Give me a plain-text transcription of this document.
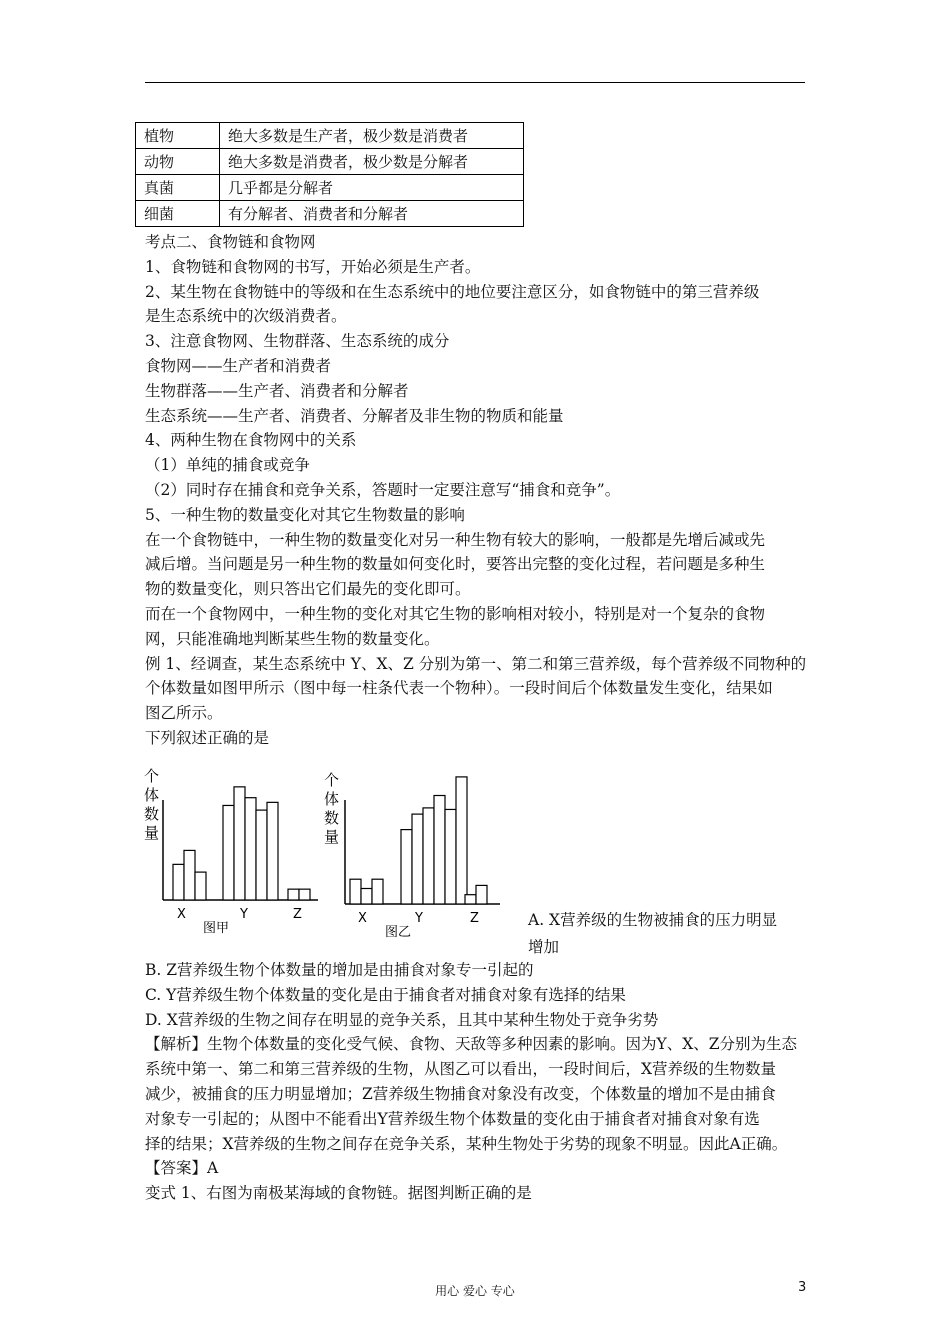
植物	绝大多数是生产者，极少数是消费者
动物	绝大多数是消费者，极少数是分解者
真菌	几乎都是分解者
细菌	有分解者、消费者和分解者
考点二、食物链和食物网
1、食物链和食物网的书写，开始必须是生产者。
2、某生物在食物链中的等级和在生态系统中的地位要注意区分，如食物链中的第三营养级
是生态系统中的次级消费者。
3、注意食物网、生物群落、生态系统的成分
食物网——生产者和消费者
生物群落——生产者、消费者和分解者
生态系统——生产者、消费者、分解者及非生物的物质和能量
4、两种生物在食物网中的关系
（1）单纯的捕食或竞争
（2）同时存在捕食和竞争关系，答题时一定要注意写“捕食和竞争”。
5、一种生物的数量变化对其它生物数量的影响
在一个食物链中，一种生物的数量变化对另一种生物有较大的影响，一般都是先增后减或先
减后增。当问题是另一种生物的数量如何变化时，要答出完整的变化过程，若问题是多种生
物的数量变化，则只答出它们最先的变化即可。
而在一个食物网中，一种生物的变化对其它生物的影响相对较小，特别是对一个复杂的食物
网，只能准确地判断某些生物的数量变化。
例 1、经调查，某生态系统中 Y、X、Z 分别为第一、第二和第三营养级，每个营养级不同物种的
个体数量如图甲所示（图中每一柱条代表一个物种）。一段时间后个体数量发生变化，结果如
图乙所示。
下列叙述正确的是
个体数量
X	Y	Z
图甲
个体数量
X	Y	Z
图乙
A. X营养级的生物被捕食的压力明显
增加
B. Z营养级生物个体数量的增加是由捕食对象专一引起的
C. Y营养级生物个体数量的变化是由于捕食者对捕食对象有选择的结果
D. X营养级的生物之间存在明显的竞争关系，且其中某种生物处于竞争劣势
【解析】生物个体数量的变化受气候、食物、天敌等多种因素的影响。因为Y、X、Z分别为生态
系统中第一、第二和第三营养级的生物，从图乙可以看出，一段时间后，X营养级的生物数量
减少，被捕食的压力明显增加；Z营养级生物捕食对象没有改变，个体数量的增加不是由捕食
对象专一引起的；从图中不能看出Y营养级生物个体数量的变化由于捕食者对捕食对象有选
择的结果；X营养级的生物之间存在竞争关系，某种生物处于劣势的现象不明显。因此A正确。
【答案】A
变式 1、右图为南极某海域的食物链。据图判断正确的是
用心 爱心 专心	3
